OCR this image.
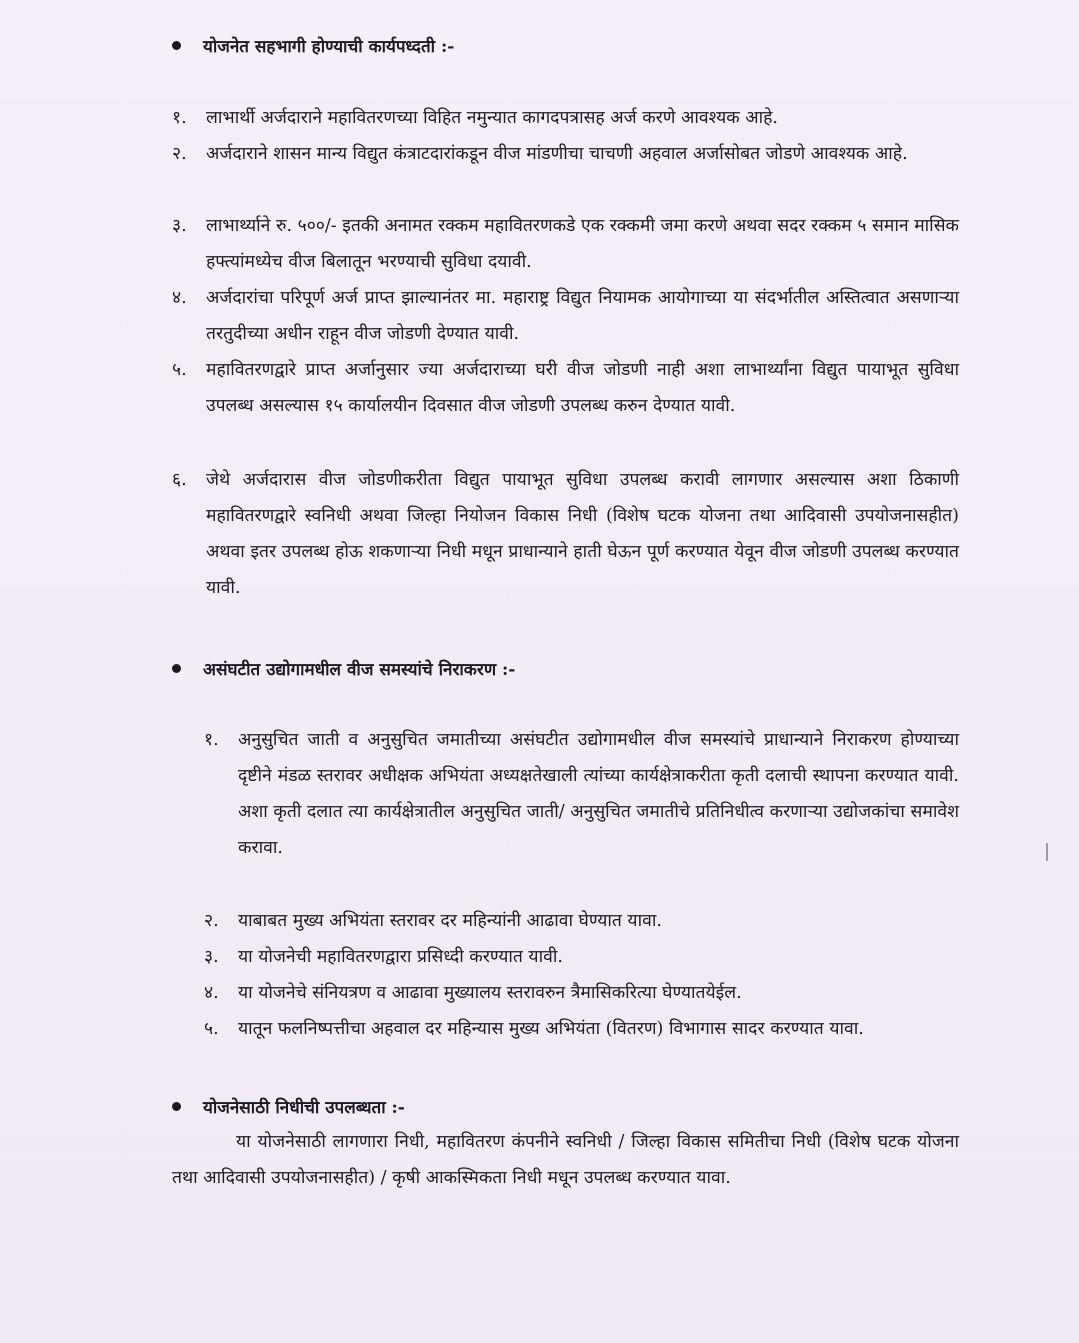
योजनेत सहभागी होण्याची कार्यपध्दती :-
१. लाभार्थी अर्जदाराने महावितरणच्या विहित नमुन्यात कागदपत्रासह अर्ज करणे आवश्यक आहे.
२. अर्जदाराने शासन मान्य विद्युत कंत्राटदारांकडून वीज मांडणीचा चाचणी अहवाल अर्जासोबत जोडणे आवश्यक आहे.
३. लाभार्थ्याने रु. ५००/- इतकी अनामत रक्कम महावितरणकडे एक रक्कमी जमा करणे अथवा सदर रक्कम ५ समान मासिक हफ्त्यांमध्येच वीज बिलातून भरण्याची सुविधा दयावी.
४. अर्जदारांचा परिपूर्ण अर्ज प्राप्त झाल्यानंतर मा. महाराष्ट्र विद्युत नियामक आयोगाच्या या संदर्भातील अस्तित्वात असणाऱ्या तरतुदीच्या अधीन राहून वीज जोडणी देण्यात यावी.
५. महावितरणद्वारे प्राप्त अर्जानुसार ज्या अर्जदाराच्या घरी वीज जोडणी नाही अशा लाभार्थ्यांना विद्युत पायाभूत सुविधा उपलब्ध असल्यास १५ कार्यालयीन दिवसात वीज जोडणी उपलब्ध करुन देण्यात यावी.
६. जेथे अर्जदारास वीज जोडणीकरीता विद्युत पायाभूत सुविधा उपलब्ध करावी लागणार असल्यास अशा ठिकाणी महावितरणद्वारे स्वनिधी अथवा जिल्हा नियोजन विकास निधी (विशेष घटक योजना तथा आदिवासी उपयोजनासहीत) अथवा इतर उपलब्ध होऊ शकणाऱ्या निधी मधून प्राधान्याने हाती घेऊन पूर्ण करण्यात येवून वीज जोडणी उपलब्ध करण्यात यावी.
असंघटीत उद्योगामधील वीज समस्यांचे निराकरण :-
१. अनुसुचित जाती व अनुसुचित जमातीच्या असंघटीत उद्योगामधील वीज समस्यांचे प्राधान्याने निराकरण होण्याच्या दृष्टीने मंडळ स्तरावर अधीक्षक अभियंता अध्यक्षतेखाली त्यांच्या कार्यक्षेत्राकरीता कृती दलाची स्थापना करण्यात यावी. अशा कृती दलात त्या कार्यक्षेत्रातील अनुसुचित जाती/ अनुसुचित जमातीचे प्रतिनिधीत्व करणाऱ्या उद्योजकांचा समावेश करावा.
२. याबाबत मुख्य अभियंता स्तरावर दर महिन्यांनी आढावा घेण्यात यावा.
३. या योजनेची महावितरणद्वारा प्रसिध्दी करण्यात यावी.
४. या योजनेचे संनियत्रण व आढावा मुख्यालय स्तरावरुन त्रैमासिकरित्या घेण्यातयेईल.
५. यातून फलनिष्पत्तीचा अहवाल दर महिन्यास मुख्य अभियंता (वितरण) विभागास सादर करण्यात यावा.
योजनेसाठी निधीची उपलब्धता :-
या योजनेसाठी लागणारा निधी, महावितरण कंपनीने स्वनिधी / जिल्हा विकास समितीचा निधी (विशेष घटक योजना तथा आदिवासी उपयोजनासहीत) / कृषी आकस्मिकता निधी मधून उपलब्ध करण्यात यावा.
